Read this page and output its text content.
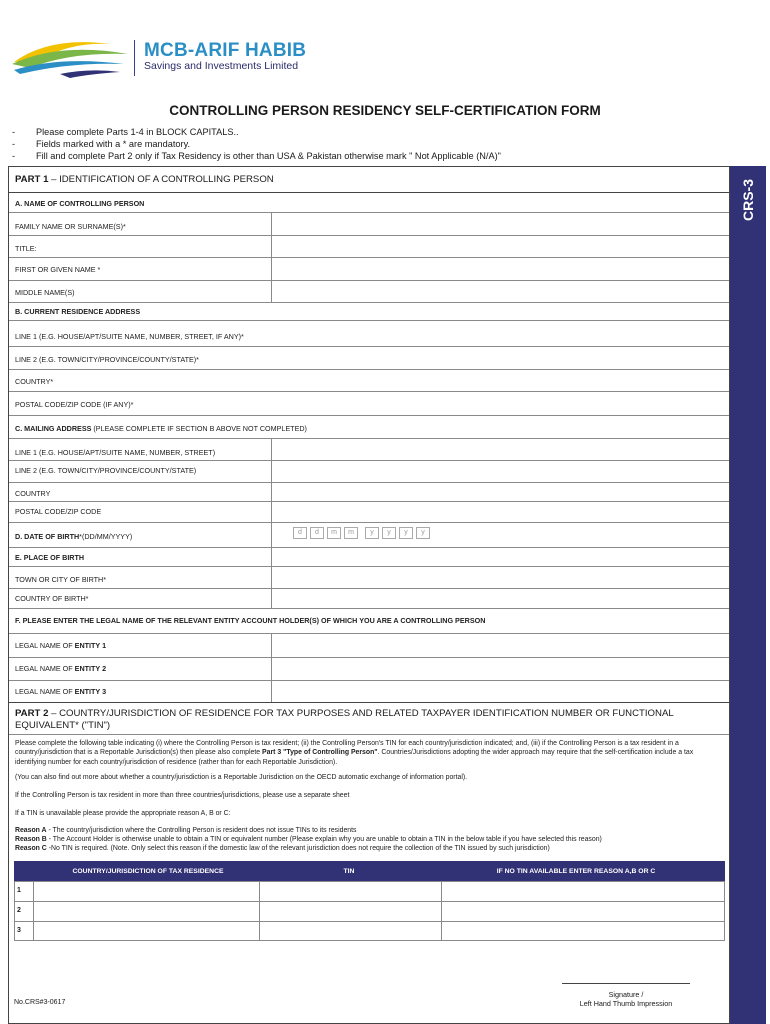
MCB-ARIF HABIB
Savings and Investments Limited
CONTROLLING PERSON RESIDENCY SELF-CERTIFICATION FORM
- Please complete Parts 1-4 in BLOCK CAPITALS..
- Fields marked with a * are mandatory.
- Fill and complete Part 2 only if Tax Residency is other than USA & Pakistan otherwise mark " Not Applicable (N/A)"
CRS-3
PART 1 – IDENTIFICATION OF A CONTROLLING PERSON
A. NAME OF CONTROLLING PERSON
FAMILY NAME OR SURNAME(S)*
TITLE:
FIRST OR GIVEN NAME *
MIDDLE NAME(S)
B. CURRENT RESIDENCE ADDRESS
LINE 1 (E.G. HOUSE/APT/SUITE NAME, NUMBER, STREET, IF ANY)*
LINE 2 (E.G. TOWN/CITY/PROVINCE/COUNTY/STATE)*
COUNTRY*
POSTAL CODE/ZIP CODE (IF ANY)*
C. MAILING ADDRESS (PLEASE COMPLETE IF SECTION B ABOVE NOT COMPLETED)
LINE 1 (E.G. HOUSE/APT/SUITE NAME, NUMBER, STREET)
LINE 2 (E.G. TOWN/CITY/PROVINCE/COUNTY/STATE)
COUNTRY
POSTAL CODE/ZIP CODE
D. DATE OF BIRTH*(DD/MM/YYYY)
E. PLACE OF BIRTH
TOWN OR CITY OF BIRTH*
COUNTRY OF BIRTH*
F. PLEASE ENTER THE LEGAL NAME OF THE RELEVANT ENTITY ACCOUNT HOLDER(S) OF WHICH YOU ARE A CONTROLLING PERSON
LEGAL NAME OF ENTITY 1
LEGAL NAME OF ENTITY 2
LEGAL NAME OF ENTITY 3
PART 2 – COUNTRY/JURISDICTION OF RESIDENCE FOR TAX PURPOSES AND RELATED TAXPAYER IDENTIFICATION NUMBER OR FUNCTIONAL EQUIVALENT* ("TIN")
Please complete the following table indicating (i) where the Controlling Person is tax resident; (ii) the Controlling Person's TIN for each country/jurisdiction indicated; and, (iii) if the Controlling Person is a tax resident in a country/jurisdiction that is a Reportable Jurisdiction(s) then please also complete Part 3 "Type of Controlling Person". Countries/Jurisdictions adopting the wider approach may require that the self-certification include a tax identifying number for each country/jurisdiction of residence (rather than for each Reportable Jurisdiction).
(You can also find out more about whether a country/jurisdiction is a Reportable Jurisdiction on the OECD automatic exchange of information portal).
If the Controlling Person is tax resident in more than three countries/jurisdictions, please use a separate sheet
If a TIN is unavailable please provide the appropriate reason A, B or C:
Reason A - The country/jurisdiction where the Controlling Person is resident does not issue TINs to its residents
Reason B - The Account Holder is otherwise unable to obtain a TIN or equivalent number (Please explain why you are unable to obtain a TIN in the below table if you have selected this reason)
Reason C -No TIN is required. (Note. Only select this reason if the domestic law of the relevant jurisdiction does not require the collection of the TIN issued by such jurisdiction)
COUNTRY/JURISDICTION OF TAX RESIDENCE	TIN	IF NO TIN AVAILABLE ENTER REASON A,B OR C
1
2
3
d	d	m	m	y	y	y	y
Signature /
Left Hand Thumb Impression
No.CRS#3-0617
